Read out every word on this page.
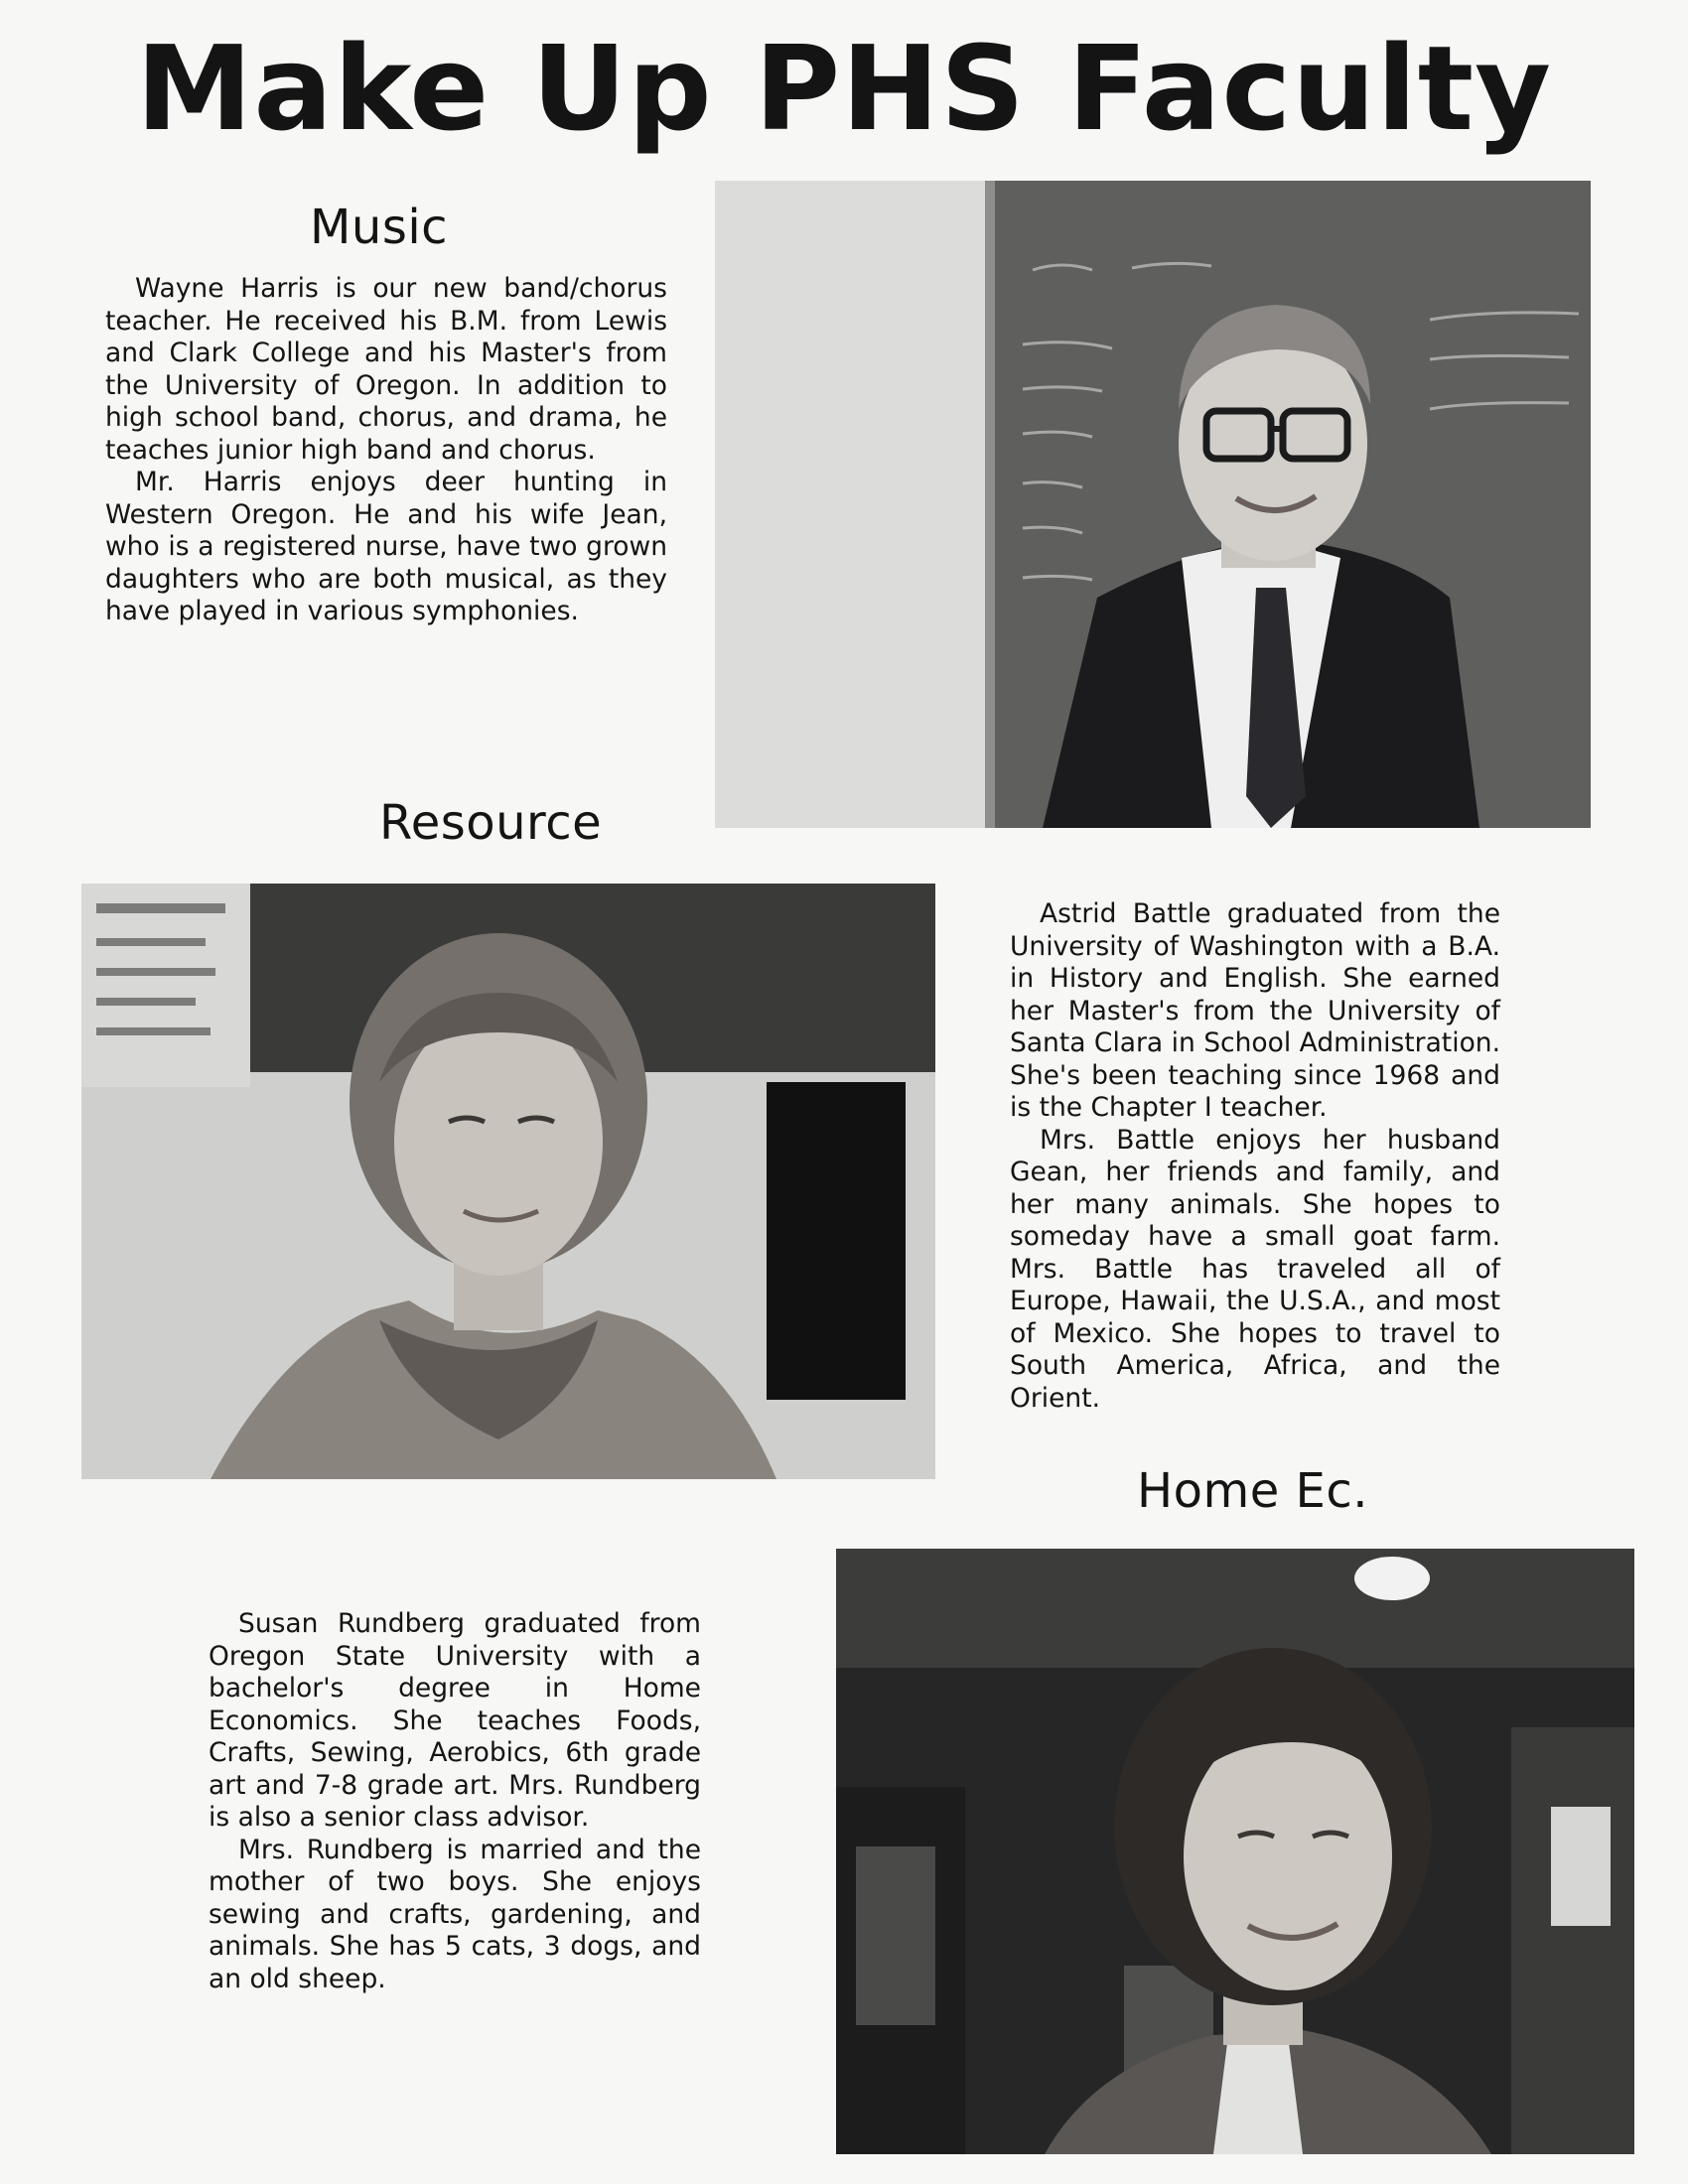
Make Up PHS Faculty
Music

Wayne Harris is our new band/chorus teacher. He received his B.M. from Lewis and Clark College and his Master's from the University of Oregon. In addition to high school band, chorus, and drama, he teaches junior high band and chorus.

Mr. Harris enjoys deer hunting in Western Oregon. He and his wife Jean, who is a registered nurse, have two grown daughters who are both musical, as they have played in various symphonies.

Resource

Astrid Battle graduated from the University of Washington with a B.A. in History and English. She earned her Master's from the University of Santa Clara in School Administration. She's been teaching since 1968 and is the Chapter I teacher.

Mrs. Battle enjoys her husband Gean, her friends and family, and her many animals. She hopes to someday have a small goat farm. Mrs. Battle has traveled all of Europe, Hawaii, the U.S.A., and most of Mexico. She hopes to travel to South America, Africa, and the Orient.

Home Ec.

Susan Rundberg graduated from Oregon State University with a bachelor's degree in Home Economics. She teaches Foods, Crafts, Sewing, Aerobics, 6th grade art and 7-8 grade art. Mrs. Rundberg is also a senior class advisor.

Mrs. Rundberg is married and the mother of two boys. She enjoys sewing and crafts, gardening, and animals. She has 5 cats, 3 dogs, and an old sheep.
